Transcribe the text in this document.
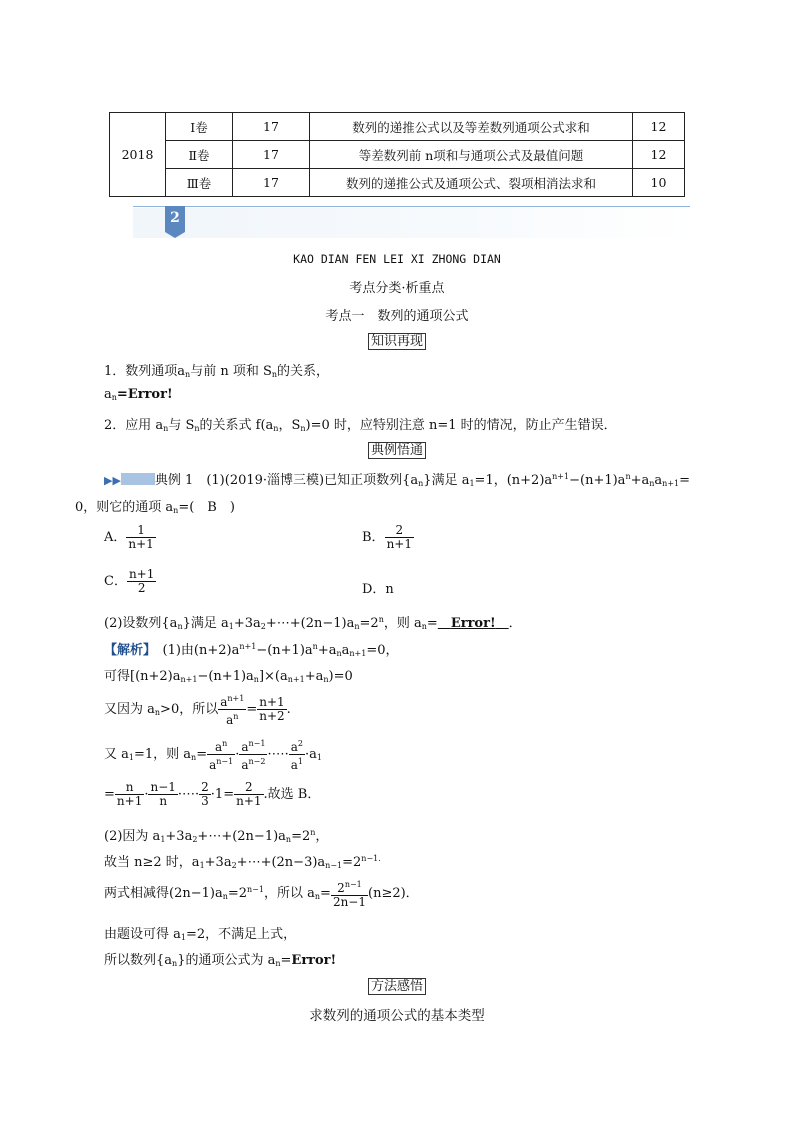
2018	Ⅰ卷	17	数列的递推公式以及等差数列通项公式求和	12
	Ⅱ卷	17	等差数列前 n项和与通项公式及最值问题	12
	Ⅲ卷	17	数列的递推公式及通项公式、裂项相消法求和	10
2
KAO DIAN FEN LEI XI ZHONG DIAN
考点分类·析重点
考点一　数列的通项公式
知识再现
1．数列通项$a_n$与前 n 项和 $S_n$的关系，
$a_n=Error$!
2．应用 $a_n$与 $S_n$的关系式 $f(a_n$，$S_n)=0$ 时，应特别注意 n=1 时的情况，防止产生错误．
典例悟通
▶▶	典例 1　 (1)(2019·淄博三模)已知正项数列$\{a_n\}$满足 $a_1=1$，$(n+2)a^{n+1}-(n+1)a^n+a_na_{n+1}=$
0，则它的通项 $a_n=$(　B　)
A． $\frac{1}{n+1}$	B． $\frac{2}{n+1}$
C． $\frac{n+1}{2}$	D．n
(2)设数列$\{a_n\}$满足 $a_1+3a_2+\cdots+(2n-1)a_n=2^n$，则 $a_n=$　 Error!　 ．
【解析】　(1)由$(n+2)a^{n+1}-(n+1)a^n+a_na_{n+1}=0$，
可得$[(n+2)a_{n+1}-(n+1)a_n]\times(a_{n+1}+a_n)=0$
又因为 $a_n>0$，所以 $\frac{a^{n+1}}{a^n} = \frac{n+1}{n+2}$ .
又 $a_1=1$，则 $a_n= \frac{a^n}{a^{n-1}} \cdot \frac{a^{n-1}}{a^{n-2}}$ ·⋯· $\frac{a^2}{a^1} \cdot a_1$
= $\frac{n}{n+1} \cdot \frac{n-1}{n}$ ·⋯· $\frac{2}{3} \cdot 1= \frac{2}{n+1}$ .故选 B．
(2)因为 $a_1+3a_2+\cdots+(2n-1)a_n=2^n$，
故当 n≥2 时，$a_1+3a_2+\cdots+(2n-3)a_{n-1}=2^{n-1.}$
两式相减得$(2n-1)a_n=2^{n-1}$，所以 $a_n= \frac{2^{n-1}}{2n-1} (n\ge 2)$．
由题设可得 $a_1=2$，不满足上式，
所以数列$\{a_n\}$的通项公式为 $a_n=Error$!
方法感悟
求数列的通项公式的基本类型
